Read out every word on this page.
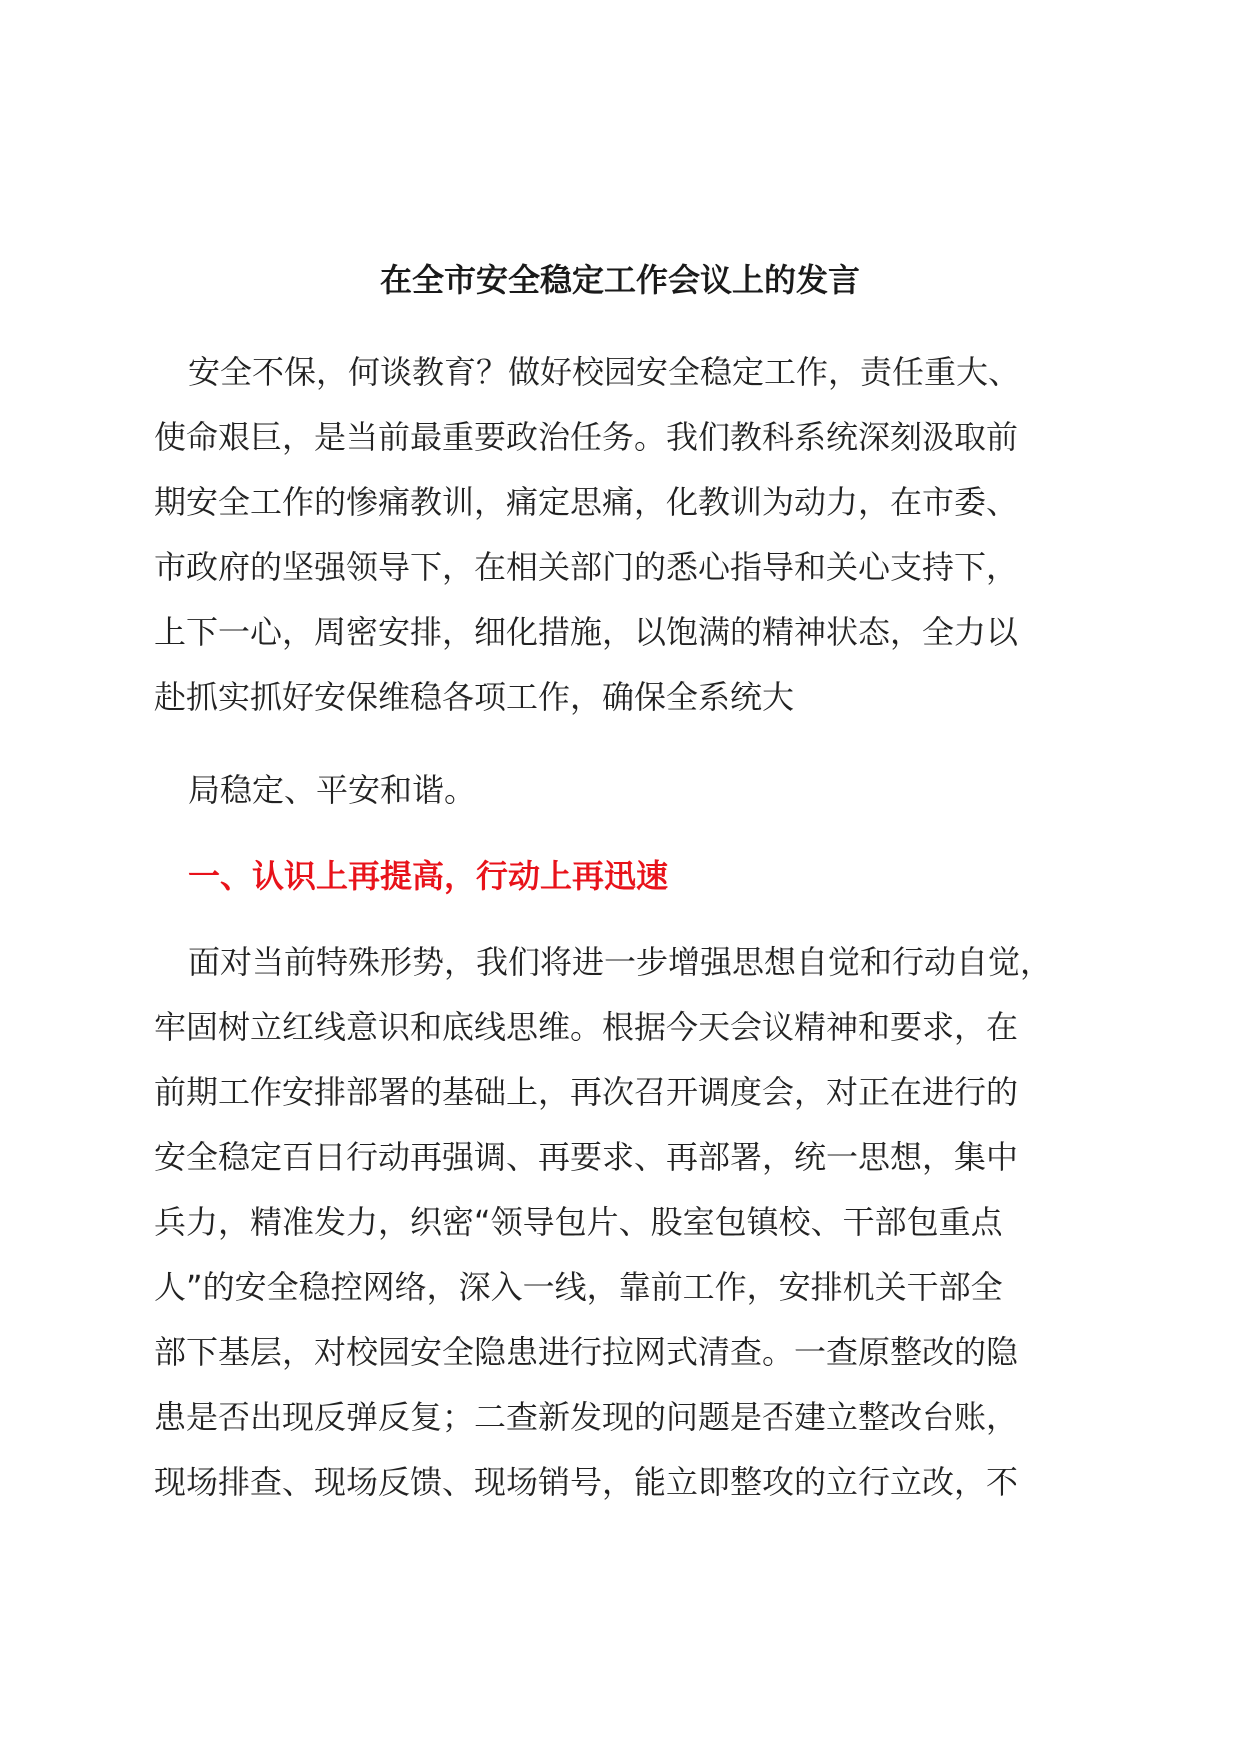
在全市安全稳定工作会议上的发言
安全不保，何谈教育？做好校园安全稳定工作，责任重大、
使命艰巨，是当前最重要政治任务。我们教科系统深刻汲取前
期安全工作的惨痛教训，痛定思痛，化教训为动力，在市委、
市政府的坚强领导下，在相关部门的悉心指导和关心支持下，
上下一心，周密安排，细化措施，以饱满的精神状态，全力以
赴抓实抓好安保维稳各项工作，确保全系统大
局稳定、平安和谐。
一、认识上再提高，行动上再迅速
面对当前特殊形势，我们将进一步增强思想自觉和行动自觉，
牢固树立红线意识和底线思维。根据今天会议精神和要求，在
前期工作安排部署的基础上，再次召开调度会，对正在进行的
安全稳定百日行动再强调、再要求、再部署，统一思想，集中
兵力，精准发力，织密“领导包片、股室包镇校、干部包重点
人”的安全稳控网络，深入一线，靠前工作，安排机关干部全
部下基层，对校园安全隐患进行拉网式清查。一查原整改的隐
患是否出现反弹反复；二查新发现的问题是否建立整改台账，
现场排查、现场反馈、现场销号，能立即整攻的立行立改，不
